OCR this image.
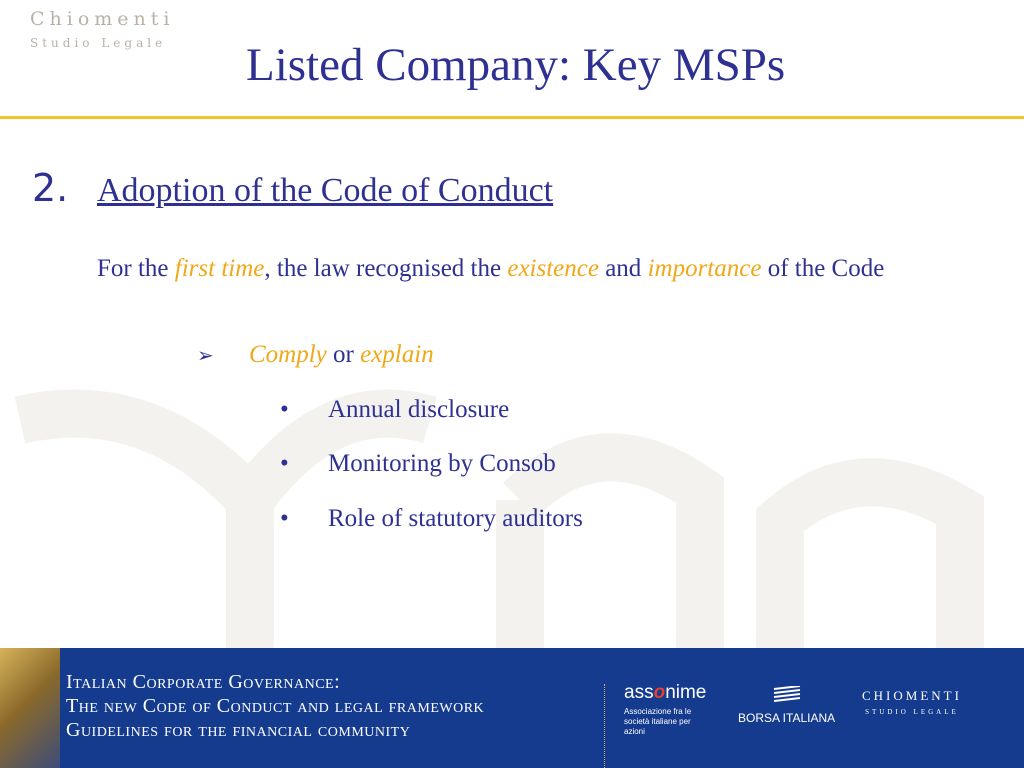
Chiomenti
Studio Legale Listed Company: Key MSPs
2. Adoption of the Code of Conduct
For the first time, the law recognised the existence and importance of the Code
➢ Comply or explain
• Annual disclosure
• Monitoring by Consob
• Role of statutory auditors
Italian Corporate Governance:
The new Code of Conduct and legal framework
Guidelines for the financial community
assonime
Associazione fra le società italiane per azioni
BORSA ITALIANA
CHIOMENTI
STUDIO LEGALE
